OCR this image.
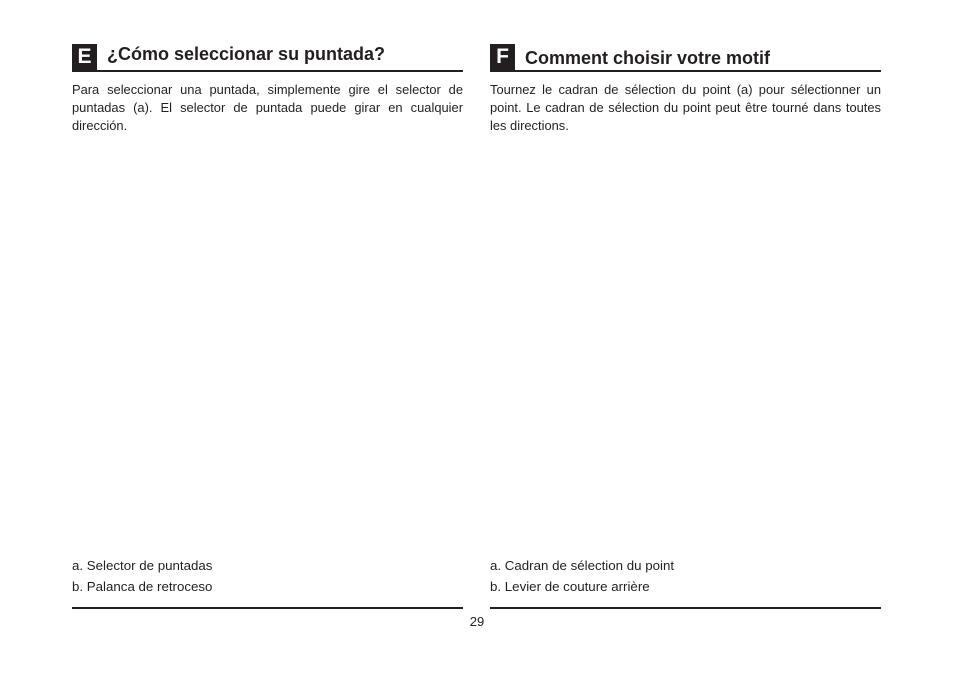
E ¿Cómo seleccionar su puntada?

Para seleccionar una puntada, simplemente gire el selector de puntadas (a). El selector de puntada puede girar en cualquier dirección.

F Comment choisir votre motif

Tournez le cadran de sélection du point (a) pour sélectionner un point. Le cadran de sélection du point peut être tourné dans toutes les directions.

a. Selector de puntadas

b. Palanca de retroceso

a. Cadran de sélection du point

b. Levier de couture arrière

29
